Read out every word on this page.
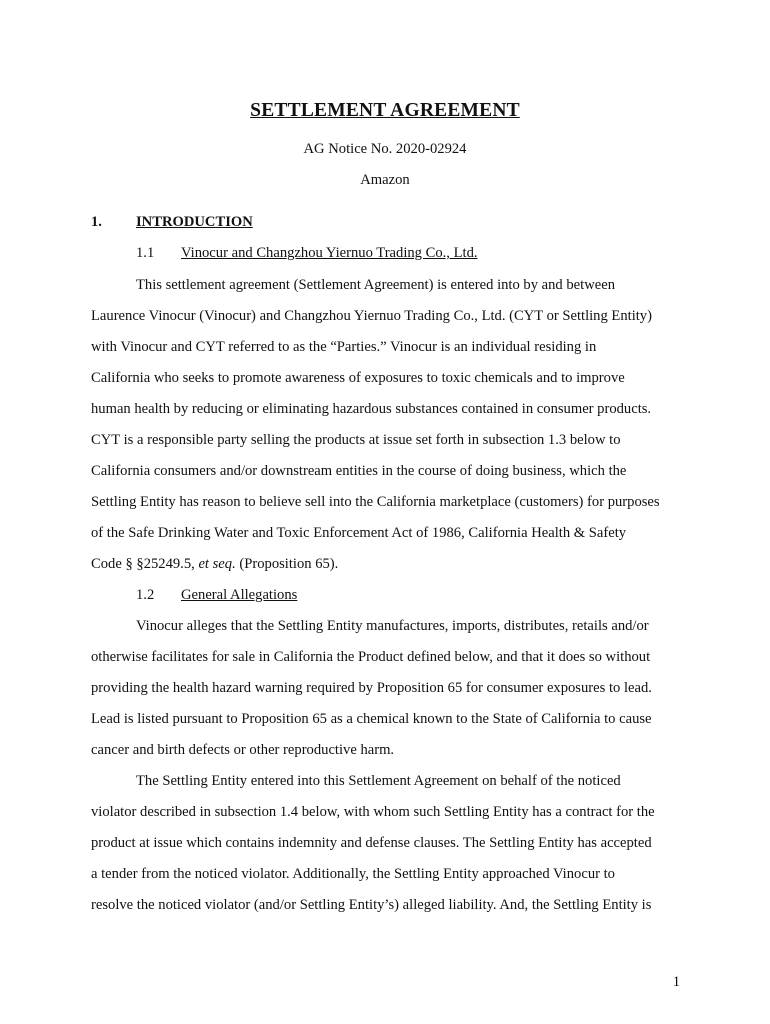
SETTLEMENT AGREEMENT
AG Notice No. 2020-02924
Amazon
1. INTRODUCTION
1.1 Vinocur and Changzhou Yiernuo Trading Co., Ltd.
This settlement agreement (Settlement Agreement) is entered into by and between
Laurence Vinocur (Vinocur) and Changzhou Yiernuo Trading Co., Ltd. (CYT or Settling Entity)
with Vinocur and CYT referred to as the “Parties.” Vinocur is an individual residing in
California who seeks to promote awareness of exposures to toxic chemicals and to improve
human health by reducing or eliminating hazardous substances contained in consumer products.
CYT is a responsible party selling the products at issue set forth in subsection 1.3 below to
California consumers and/or downstream entities in the course of doing business, which the
Settling Entity has reason to believe sell into the California marketplace (customers) for purposes
of the Safe Drinking Water and Toxic Enforcement Act of 1986, California Health & Safety
Code § §25249.5, et seq. (Proposition 65).
1.2 General Allegations
Vinocur alleges that the Settling Entity manufactures, imports, distributes, retails and/or
otherwise facilitates for sale in California the Product defined below, and that it does so without
providing the health hazard warning required by Proposition 65 for consumer exposures to lead.
Lead is listed pursuant to Proposition 65 as a chemical known to the State of California to cause
cancer and birth defects or other reproductive harm.
The Settling Entity entered into this Settlement Agreement on behalf of the noticed
violator described in subsection 1.4 below, with whom such Settling Entity has a contract for the
product at issue which contains indemnity and defense clauses. The Settling Entity has accepted
a tender from the noticed violator. Additionally, the Settling Entity approached Vinocur to
resolve the noticed violator (and/or Settling Entity’s) alleged liability. And, the Settling Entity is
1
